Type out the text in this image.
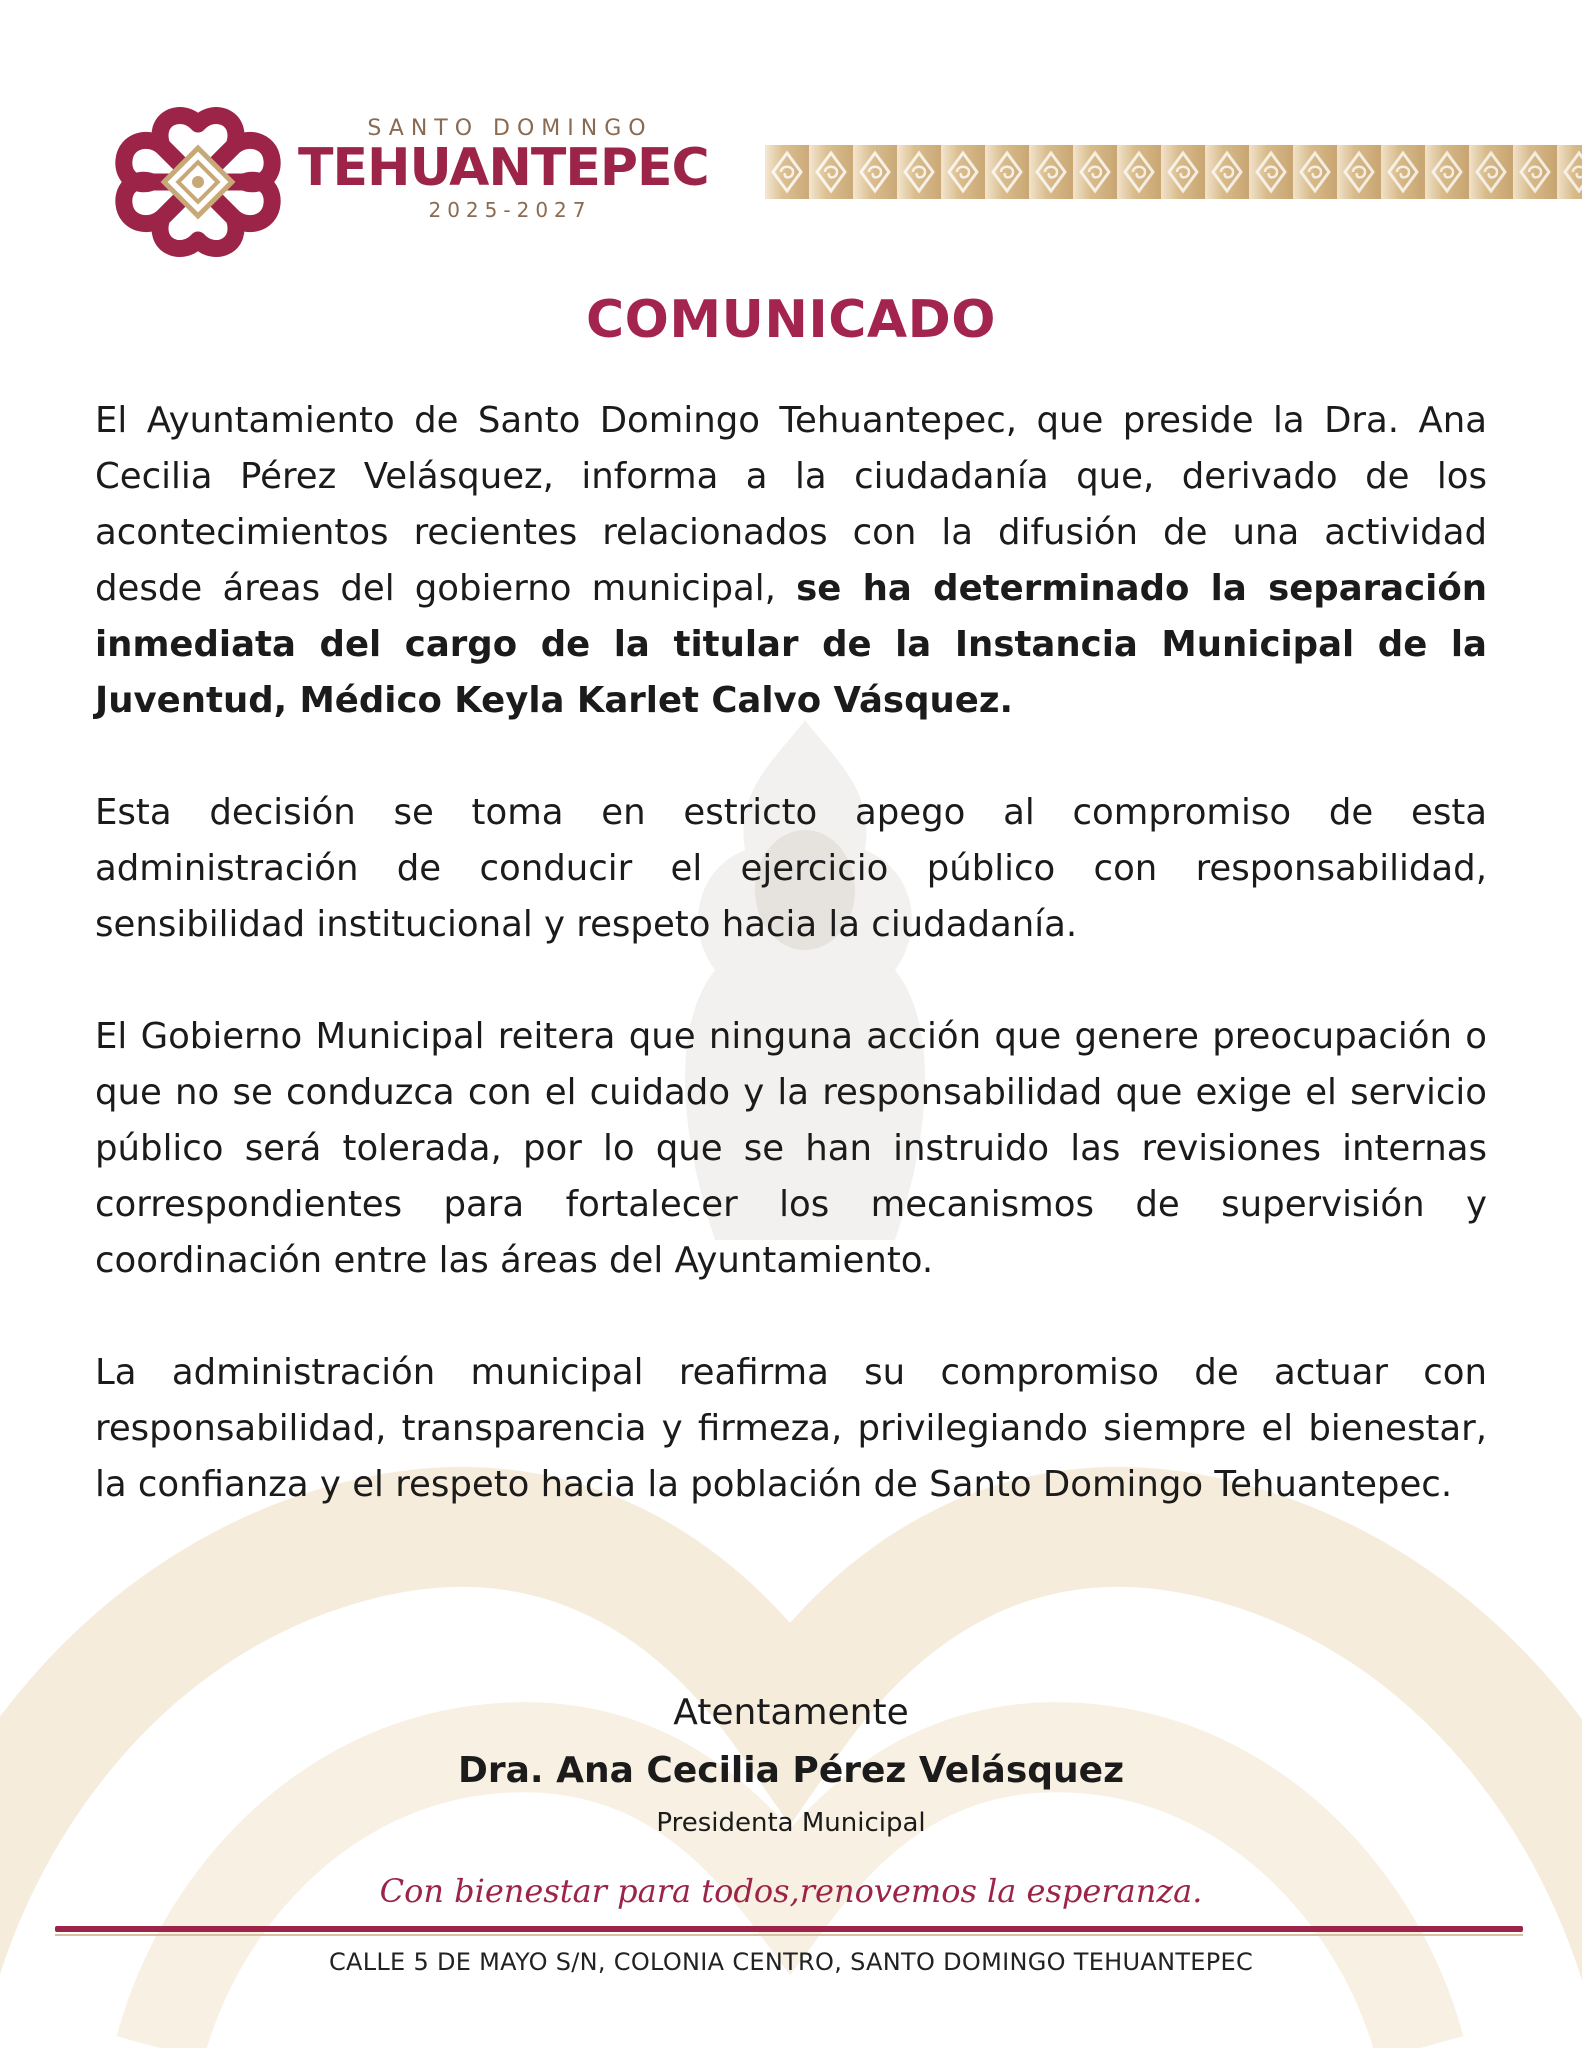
SANTO DOMINGO
TEHUANTEPEC
2025-2027
COMUNICADO

El Ayuntamiento de Santo Domingo Tehuantepec, que preside la Dra. Ana Cecilia Pérez Velásquez, informa a la ciudadanía que, derivado de los acontecimientos recientes relacionados con la difusión de una actividad desde áreas del gobierno municipal, se ha determinado la separación inmediata del cargo de la titular de la Instancia Municipal de la Juventud, Médico Keyla Karlet Calvo Vásquez.

Esta decisión se toma en estricto apego al compromiso de esta administración de conducir el ejercicio público con responsabilidad, sensibilidad institucional y respeto hacia la ciudadanía.

El Gobierno Municipal reitera que ninguna acción que genere preocupación o que no se conduzca con el cuidado y la responsabilidad que exige el servicio público será tolerada, por lo que se han instruido las revisiones internas correspondientes para fortalecer los mecanismos de supervisión y coordinación entre las áreas del Ayuntamiento.

La administración municipal reafirma su compromiso de actuar con responsabilidad, transparencia y firmeza, privilegiando siempre el bienestar, la confianza y el respeto hacia la población de Santo Domingo Tehuantepec.

Atentamente
Dra. Ana Cecilia Pérez Velásquez
Presidenta Municipal
Con bienestar para todos,renovemos la esperanza.
CALLE 5 DE MAYO S/N, COLONIA CENTRO, SANTO DOMINGO TEHUANTEPEC
